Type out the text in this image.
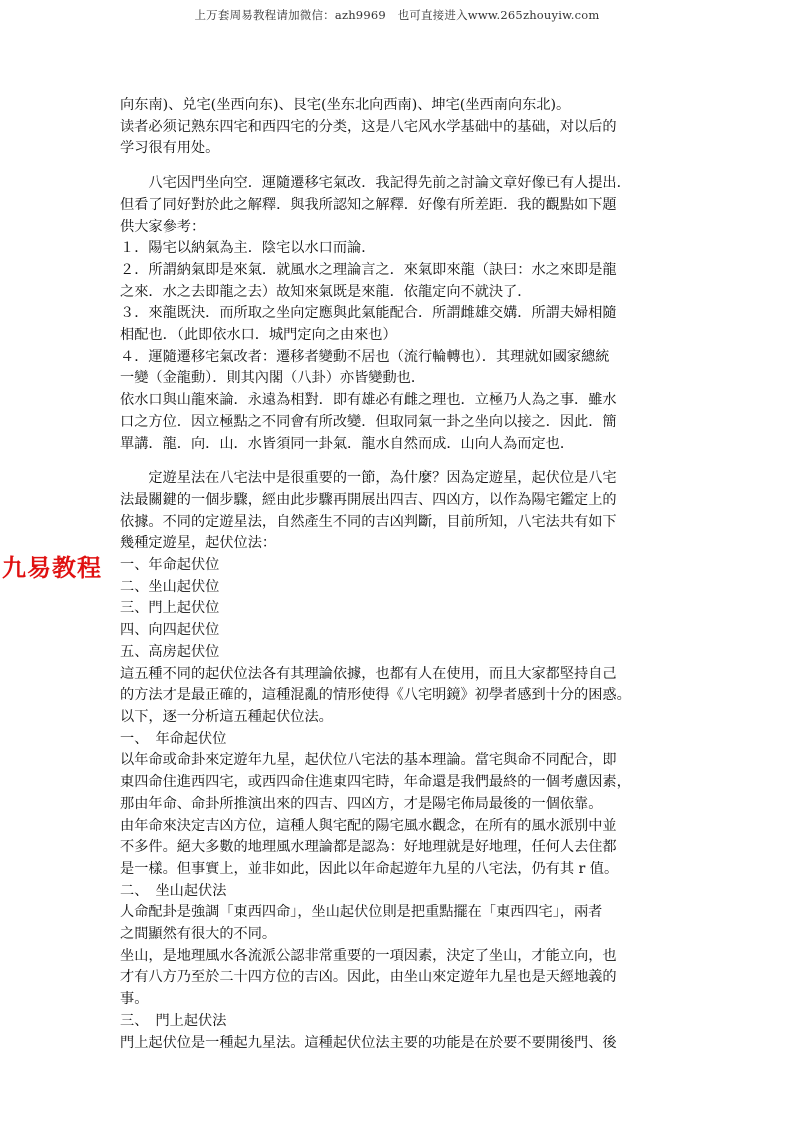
上万套周易教程请加微信：azh9969　也可直接进入www.265zhouyiw.com
九易教程

向东南)、兑宅(坐西向东)、艮宅(坐东北向西南)、坤宅(坐西南向东北)。

读者必须记熟东四宅和西四宅的分类，这是八宅风水学基础中的基础，对以后的

学习很有用处。

　　八宅因門坐向空．運隨遷移宅氣改．我記得先前之討論文章好像已有人提出．

但看了同好對於此之解釋．與我所認知之解釋．好像有所差距．我的觀點如下題

供大家參考：

１．陽宅以納氣為主．陰宅以水口而論．

２．所謂納氣即是來氣．就風水之理論言之．來氣即來龍（訣曰：水之來即是龍

之來．水之去即龍之去）故知來氣既是來龍．依龍定向不就決了．

３．來龍既決．而所取之坐向定應與此氣能配合．所謂雌雄交媾．所謂夫婦相隨

相配也．（此即依水口．城門定向之由來也）

４．運隨遷移宅氣改者：遷移者變動不居也（流行輪轉也）．其理就如國家總統

一變（金龍動）．則其內閣（八卦）亦皆變動也．

依水口與山龍來論．永遠為相對．即有雄必有雌之理也．立極乃人為之事．雖水

口之方位．因立極點之不同會有所改變．但取同氣一卦之坐向以接之．因此．簡

單講．龍．向．山．水皆須同一卦氣．龍水自然而成．山向人為而定也．

　　定遊星法在八宅法中是很重要的一節，為什麼？因為定遊星，起伏位是八宅

法最關鍵的一個步驟，經由此步驟再開展出四吉、四凶方，以作為陽宅鑑定上的

依據。不同的定遊星法，自然產生不同的吉凶判斷，目前所知，八宅法共有如下

幾種定遊星，起伏位法：

一、年命起伏位

二、坐山起伏位

三、門上起伏位

四、向四起伏位

五、高房起伏位

這五種不同的起伏位法各有其理論依據，也都有人在使用，而且大家都堅持自己

的方法才是最正確的，這種混亂的情形使得《八宅明鏡》初學者感到十分的困惑。

以下，逐一分析這五種起伏位法。

一、　年命起伏位

以年命或命卦來定遊年九星，起伏位八宅法的基本理論。當宅與命不同配合，即

東四命住進西四宅，或西四命住進東四宅時，年命還是我們最終的一個考慮因素，

那由年命、命卦所推演出來的四吉、四凶方，才是陽宅佈局最後的一個依靠。

由年命來決定吉凶方位，這種人與宅配的陽宅風水觀念，在所有的風水派別中並

不多件。絕大多數的地理風水理論都是認為：好地理就是好地理，任何人去住都

是一樣。但事實上，並非如此，因此以年命起遊年九星的八宅法，仍有其 r 值。

二、　坐山起伏法

人命配卦是強調「東西四命」，坐山起伏位則是把重點擺在「東西四宅」，兩者

之間顯然有很大的不同。

坐山，是地理風水各流派公認非常重要的一項因素，決定了坐山，才能立向，也

才有八方乃至於二十四方位的吉凶。因此，由坐山來定遊年九星也是天經地義的

事。

三、　門上起伏法

門上起伏位是一種起九星法。這種起伏位法主要的功能是在於要不要開後門、後
